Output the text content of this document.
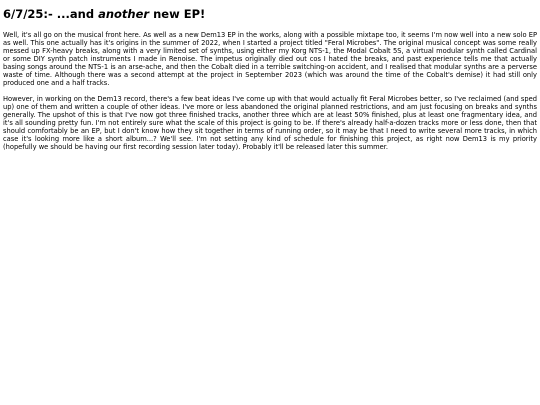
6/7/25:- ...and another new EP!

Well, it's all go on the musical front here. As well as a new Dem13 EP in the works, along with a possible mixtape too, it seems I'm now well into a new solo EP as well. This one actually has it's origins in the summer of 2022, when I started a project titled "Feral Microbes". The original musical concept was some really messed up FX-heavy breaks, along with a very limited set of synths, using either my Korg NTS-1, the Modal Cobalt 5S, a virtual modular synth called Cardinal or some DIY synth patch instruments I made in Renoise. The impetus originally died out cos I hated the breaks, and past experience tells me that actually basing songs around the NTS-1 is an arse-ache, and then the Cobalt died in a terrible switching-on accident, and I realised that modular synths are a perverse waste of time. Although there was a second attempt at the project in September 2023 (which was around the time of the Cobalt's demise) it had still only produced one and a half tracks.

However, in working on the Dem13 record, there's a few beat ideas I've come up with that would actually fit Feral Microbes better, so I've reclaimed (and sped up) one of them and written a couple of other ideas. I've more or less abandoned the original planned restrictions, and am just focusing on breaks and synths generally. The upshot of this is that I've now got three finished tracks, another three which are at least 50% finished, plus at least one fragmentary idea, and it's all sounding pretty fun. I'm not entirely sure what the scale of this project is going to be. If there's already half-a-dozen tracks more or less done, then that should comfortably be an EP, but I don't know how they sit together in terms of running order, so it may be that I need to write several more tracks, in which case it's looking more like a short album...? We'll see. I'm not setting any kind of schedule for finishing this project, as right now Dem13 is my priority (hopefully we should be having our first recording session later today). Probably it'll be released later this summer.
